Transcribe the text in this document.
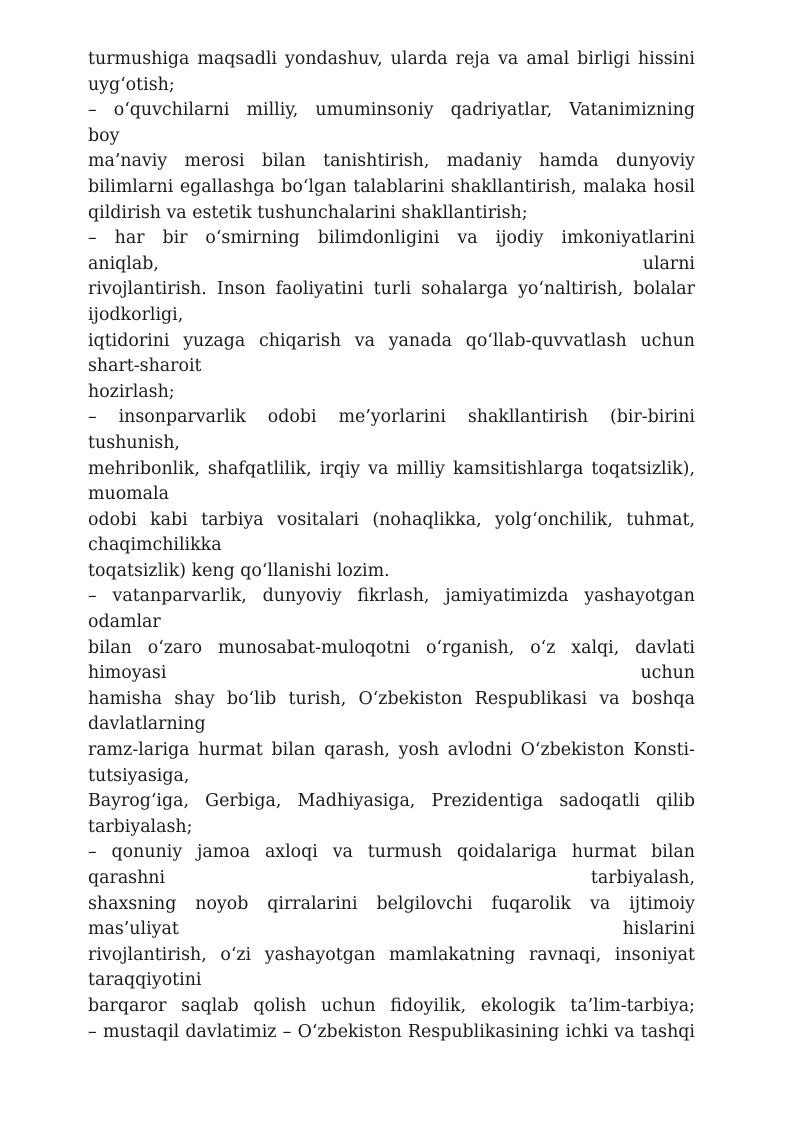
turmushiga maqsadli yondashuv, ularda reja va amal birligi hissini
uyg‘otish;
– o‘quvchilarni milliy, umuminsoniy qadriyatlar, Vatanimizning
boy
ma’naviy merosi bilan tanishtirish, madaniy hamda dunyoviy
bilimlarni egallashga bo‘lgan talablarini shakllantirish, malaka hosil
qildirish va estetik tushunchalarini shakllantirish;
– har bir o‘smirning bilimdonligini va ijodiy imkoniyatlarini
aniqlab, ularni
rivojlantirish. Inson faoliyatini turli sohalarga yo‘naltirish, bolalar
ijodkorligi,
iqtidorini yuzaga chiqarish va yanada qo‘llab-quvvatlash uchun
shart-sharoit
hozirlash;
– insonparvarlik odobi me’yorlarini shakllantirish (bir-birini
tushunish,
mehribonlik, shafqatlilik, irqiy va milliy kamsitishlarga toqatsizlik),
muomala
odobi kabi tarbiya vositalari (nohaqlikka, yolg‘onchilik, tuhmat,
chaqimchilikka
toqatsizlik) keng qo‘llanishi lozim.
– vatanparvarlik, dunyoviy fikrlash, jamiyatimizda yashayotgan
odamlar
bilan o‘zaro munosabat-muloqotni o‘rganish, o‘z xalqi, davlati
himoyasi uchun
hamisha shay bo‘lib turish, O‘zbekiston Respublikasi va boshqa
davlatlarning
ramz-lariga hurmat bilan qarash, yosh avlodni O‘zbekiston Konsti-
tutsiyasiga,
Bayrog‘iga, Gerbiga, Madhiyasiga, Prezidentiga sadoqatli qilib
tarbiyalash;
– qonuniy jamoa axloqi va turmush qoidalariga hurmat bilan
qarashni tarbiyalash,
shaxsning noyob qirralarini belgilovchi fuqarolik va ijtimoiy
mas’uliyat hislarini
rivojlantirish, o‘zi yashayotgan mamlakatning ravnaqi, insoniyat
taraqqiyotini
barqaror saqlab qolish uchun fidoyilik, ekologik ta’lim-tarbiya;
– mustaqil davlatimiz – O‘zbekiston Respublikasining ichki va tashqi
